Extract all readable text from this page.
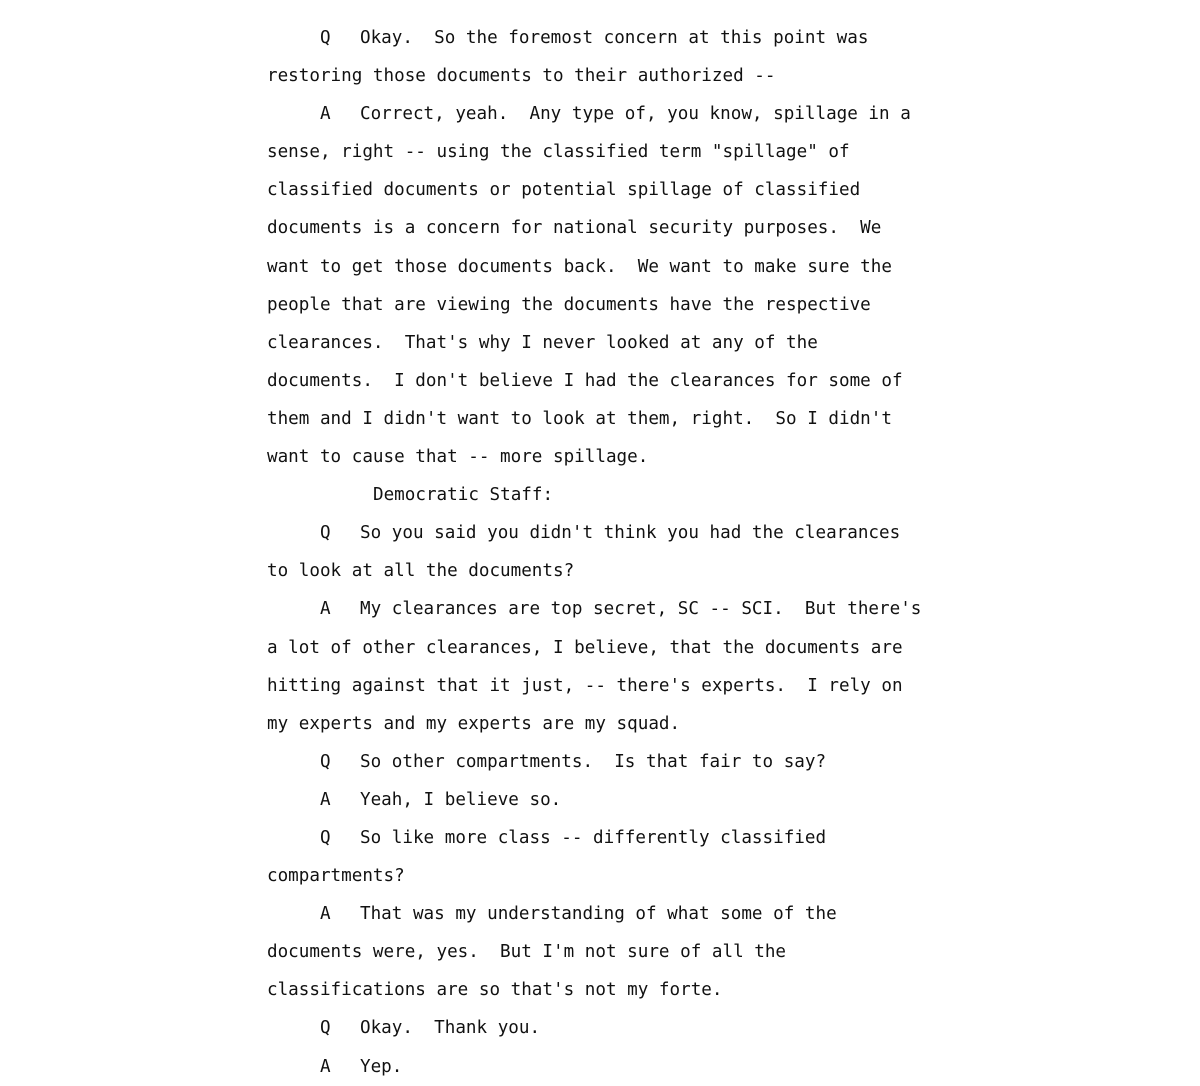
Q Okay.  So the foremost concern at this point was
restoring those documents to their authorized --
A Correct, yeah.  Any type of, you know, spillage in a
sense, right -- using the classified term "spillage" of
classified documents or potential spillage of classified
documents is a concern for national security purposes.  We
want to get those documents back.  We want to make sure the
people that are viewing the documents have the respective
clearances.  That's why I never looked at any of the
documents.  I don't believe I had the clearances for some of
them and I didn't want to look at them, right.  So I didn't
want to cause that -- more spillage.
Democratic Staff:
Q So you said you didn't think you had the clearances
to look at all the documents?
A My clearances are top secret, SC -- SCI.  But there's
a lot of other clearances, I believe, that the documents are
hitting against that it just, -- there's experts.  I rely on
my experts and my experts are my squad.
Q So other compartments.  Is that fair to say?
A Yeah, I believe so.
Q So like more class -- differently classified
compartments?
A That was my understanding of what some of the
documents were, yes.  But I'm not sure of all the
classifications are so that's not my forte.
Q Okay.  Thank you.
A Yep.
